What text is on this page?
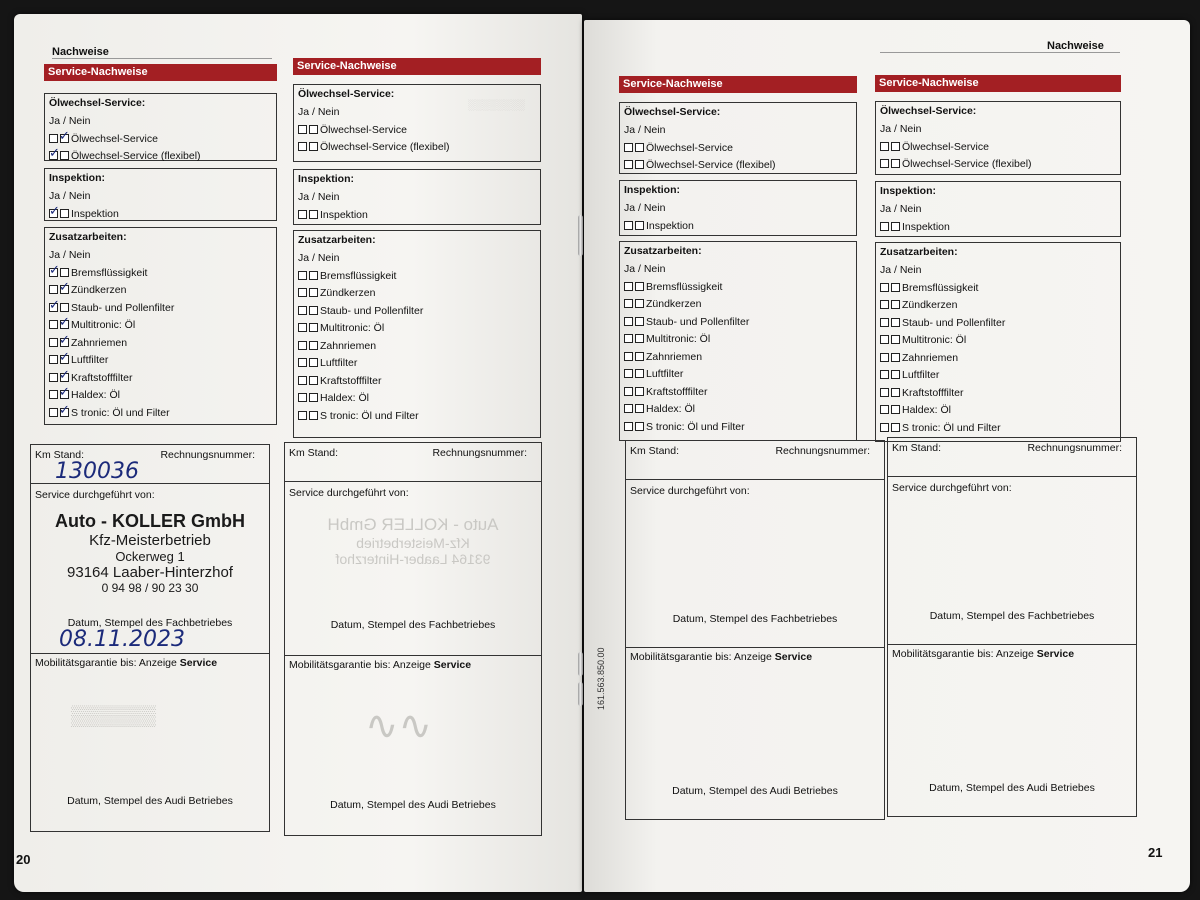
Nachweise	Nachweise
20	21
161.563.850.00
░░░░░░░░
Service-Nachweise
Ölwechsel-Service:
Ja / Nein
✓ Ölwechsel-Service
✓ Ölwechsel-Service (flexibel)
Inspektion:
Ja / Nein
✓ Inspektion
Zusatzarbeiten:
Ja / Nein
✓ Bremsflüssigkeit
✓ Zündkerzen
✓ Staub- und Pollenfilter
✓ Multitronic: Öl
✓ Zahnriemen
✓ Luftfilter
✓ Kraftstofffilter
✓ Haldex: Öl
✓ S tronic: Öl und Filter
Km Stand:	Rechnungsnummer:
130036
Service durchgeführt von:
Auto - KOLLER GmbH
Kfz-Meisterbetrieb
Ockerweg 1
93164 Laaber-Hinterzhof
0 94 98 / 90 23 30
Datum, Stempel des Fachbetriebes
08.11.2023
Mobilitätsgarantie bis: Anzeige Service
▒▒▒▒▒▒
Datum, Stempel des Audi Betriebes
Service-Nachweise
Ölwechsel-Service:
Ja / Nein
Ölwechsel-Service
Ölwechsel-Service (flexibel)
Inspektion:
Ja / Nein
Inspektion
Zusatzarbeiten:
Ja / Nein
Bremsflüssigkeit
Zündkerzen
Staub- und Pollenfilter
Multitronic: Öl
Zahnriemen
Luftfilter
Kraftstofffilter
Haldex: Öl
S tronic: Öl und Filter
Km Stand:	Rechnungsnummer:
Service durchgeführt von:
Auto - KOLLER GmbH
Kfz-Meisterbetrieb
93164 Laaber-Hinterzhof
Datum, Stempel des Fachbetriebes
Mobilitätsgarantie bis: Anzeige Service
∿∿
Datum, Stempel des Audi Betriebes
Service-Nachweise
Ölwechsel-Service:
Ja / Nein
Ölwechsel-Service
Ölwechsel-Service (flexibel)
Inspektion:
Ja / Nein
Inspektion
Zusatzarbeiten:
Ja / Nein
Bremsflüssigkeit
Zündkerzen
Staub- und Pollenfilter
Multitronic: Öl
Zahnriemen
Luftfilter
Kraftstofffilter
Haldex: Öl
S tronic: Öl und Filter
Km Stand:	Rechnungsnummer:
Service durchgeführt von:
Datum, Stempel des Fachbetriebes
Mobilitätsgarantie bis: Anzeige Service
Datum, Stempel des Audi Betriebes
Service-Nachweise
Ölwechsel-Service:
Ja / Nein
Ölwechsel-Service
Ölwechsel-Service (flexibel)
Inspektion:
Ja / Nein
Inspektion
Zusatzarbeiten:
Ja / Nein
Bremsflüssigkeit
Zündkerzen
Staub- und Pollenfilter
Multitronic: Öl
Zahnriemen
Luftfilter
Kraftstofffilter
Haldex: Öl
S tronic: Öl und Filter
Km Stand:	Rechnungsnummer:
Service durchgeführt von:
Datum, Stempel des Fachbetriebes
Mobilitätsgarantie bis: Anzeige Service
Datum, Stempel des Audi Betriebes
